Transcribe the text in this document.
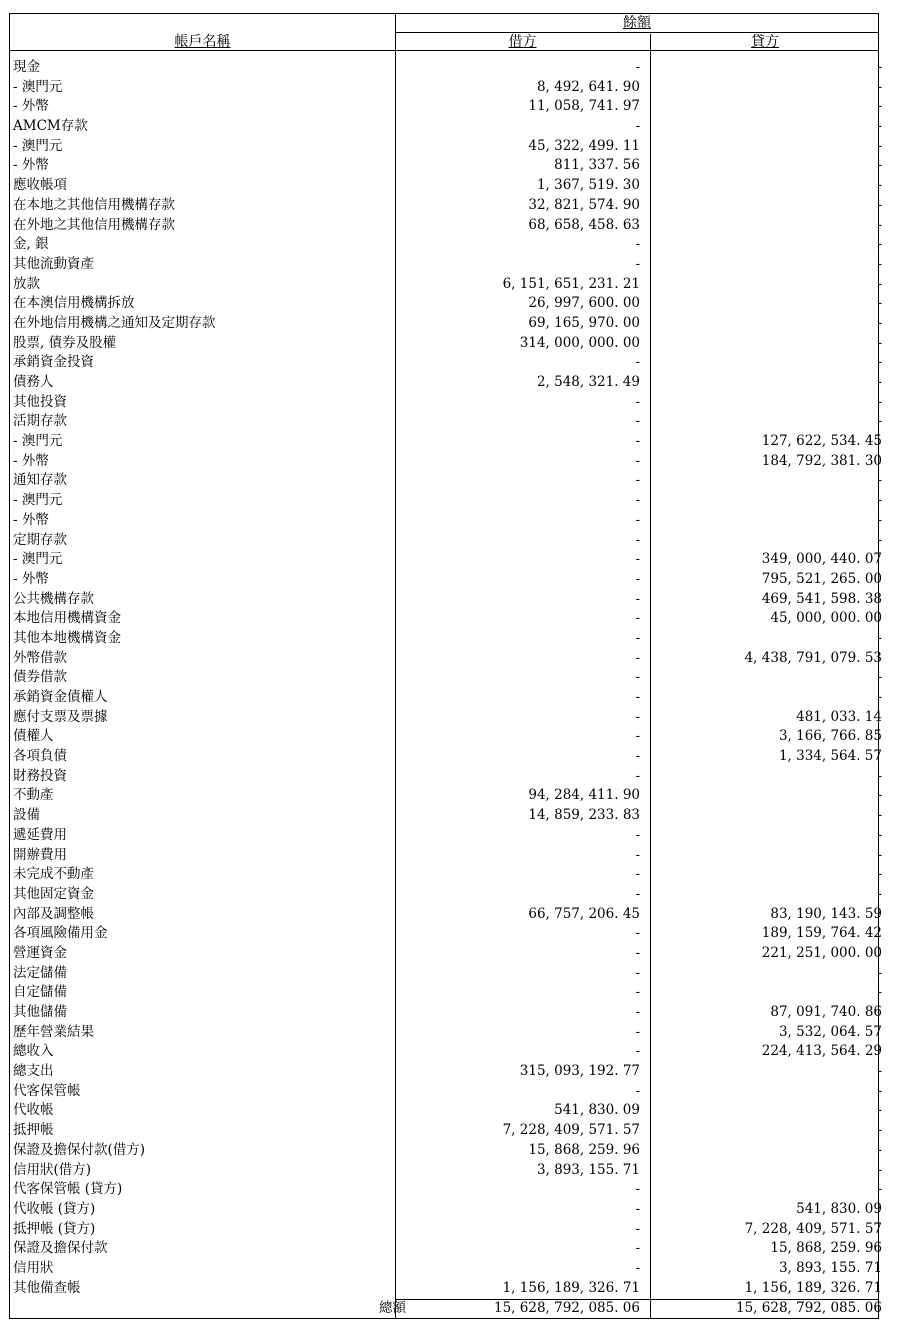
餘額
帳戶名稱	借方	貸方
現金	-	-
- 澳門元	8, 492, 641. 90	-
- 外幣	11, 058, 741. 97	-
AMCM存款	-	-
- 澳門元	45, 322, 499. 11	-
- 外幣	811, 337. 56	-
應收帳項	1, 367, 519. 30	-
在本地之其他信用機構存款	32, 821, 574. 90	-
在外地之其他信用機構存款	68, 658, 458. 63	-
金, 銀	-	-
其他流動資產	-	-
放款	6, 151, 651, 231. 21	-
在本澳信用機構拆放	26, 997, 600. 00	-
在外地信用機構之通知及定期存款	69, 165, 970. 00	-
股票, 債券及股權	314, 000, 000. 00	-
承銷資金投資	-	-
債務人	2, 548, 321. 49	-
其他投資	-	-
活期存款	-	-
- 澳門元	-	127, 622, 534. 45
- 外幣	-	184, 792, 381. 30
通知存款	-	-
- 澳門元	-	-
- 外幣	-	-
定期存款	-	-
- 澳門元	-	349, 000, 440. 07
- 外幣	-	795, 521, 265. 00
公共機構存款	-	469, 541, 598. 38
本地信用機構資金	-	45, 000, 000. 00
其他本地機構資金	-	-
外幣借款	-	4, 438, 791, 079. 53
債券借款	-	-
承銷資金債權人	-	-
應付支票及票據	-	481, 033. 14
債權人	-	3, 166, 766. 85
各項負債	-	1, 334, 564. 57
財務投資	-	-
不動產	94, 284, 411. 90	-
設備	14, 859, 233. 83	-
遞延費用	-	-
開辦費用	-	-
未完成不動產	-	-
其他固定資金	-	-
內部及調整帳	66, 757, 206. 45	83, 190, 143. 59
各項風險備用金	-	189, 159, 764. 42
營運資金	-	221, 251, 000. 00
法定儲備	-	-
自定儲備	-	-
其他儲備	-	87, 091, 740. 86
歷年營業結果	-	3, 532, 064. 57
總收入	-	224, 413, 564. 29
總支出	315, 093, 192. 77	-
代客保管帳	-	-
代收帳	541, 830. 09	-
抵押帳	7, 228, 409, 571. 57	-
保證及擔保付款(借方)	15, 868, 259. 96	-
信用狀(借方)	3, 893, 155. 71	-
代客保管帳 (貸方)	-	-
代收帳 (貸方)	-	541, 830. 09
抵押帳 (貸方)	-	7, 228, 409, 571. 57
保證及擔保付款	-	15, 868, 259. 96
信用狀	-	3, 893, 155. 71
其他備查帳	1, 156, 189, 326. 71	1, 156, 189, 326. 71
總額	15, 628, 792, 085. 06	15, 628, 792, 085. 06
